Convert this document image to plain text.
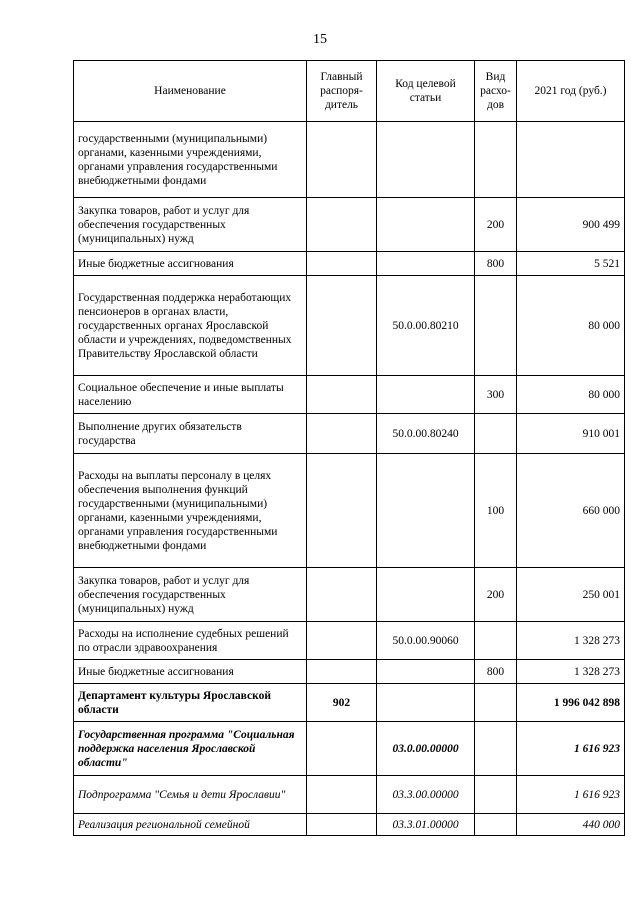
15
Наименование	Главный распоря-дитель	Код целевой статьи	Вид расхо-дов	2021 год (руб.)
государственными (муниципальными) органами, казенными учреждениями, органами управления государственными внебюджетными фондами				
Закупка товаров, работ и услуг для обеспечения государственных (муниципальных) нужд			200	900 499
Иные бюджетные ассигнования			800	5 521
Государственная поддержка неработающих пенсионеров в органах власти, государственных органах Ярославской области и учреждениях, подведомственных Правительству Ярославской области		50.0.00.80210		80 000
Социальное обеспечение и иные выплаты населению			300	80 000
Выполнение других обязательств государства		50.0.00.80240		910 001
Расходы на выплаты персоналу в целях обеспечения выполнения функций государственными (муниципальными) органами, казенными учреждениями, органами управления государственными внебюджетными фондами			100	660 000
Закупка товаров, работ и услуг для обеспечения государственных (муниципальных) нужд			200	250 001
Расходы на исполнение судебных решений по отрасли здравоохранения		50.0.00.90060		1 328 273
Иные бюджетные ассигнования			800	1 328 273
Департамент культуры Ярославской области	902			1 996 042 898
Государственная программа "Социальная поддержка населения Ярославской области"		03.0.00.00000		1 616 923
Подпрограмма "Семья и дети Ярославии"		03.3.00.00000		1 616 923
Реализация региональной семейной		03.3.01.00000		440 000
